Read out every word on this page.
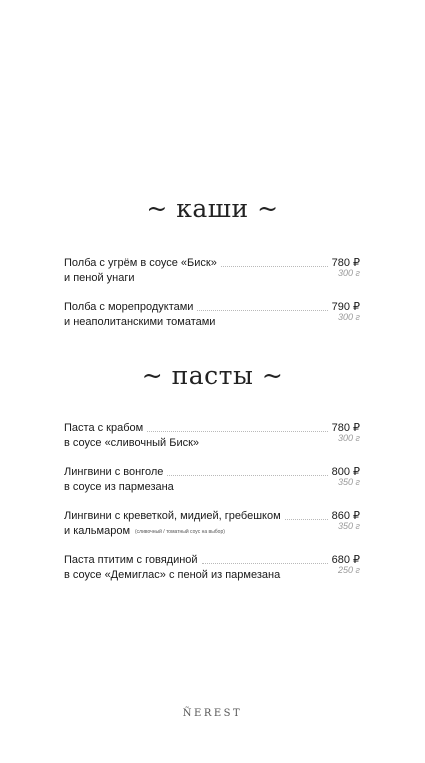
~ каши ~
Полба с угрём в соусе «Биск»	780 ₽
и пеной унаги	300 г
Полба с морепродуктами	790 ₽
и неаполитанскими томатами	300 г
~ пасты ~
Паста с крабом	780 ₽
в соусе «сливочный Биск»	300 г
Лингвини с вонголе	800 ₽
в соусе из пармезана	350 г
Лингвини с креветкой, мидией, гребешком	860 ₽
и кальмаром (сливочный / томатный соус на выбор)
350 г
Паста птитим с говядиной	680 ₽
в соусе «Демиглас» с пеной из пармезана	250 г
ÑEREST
